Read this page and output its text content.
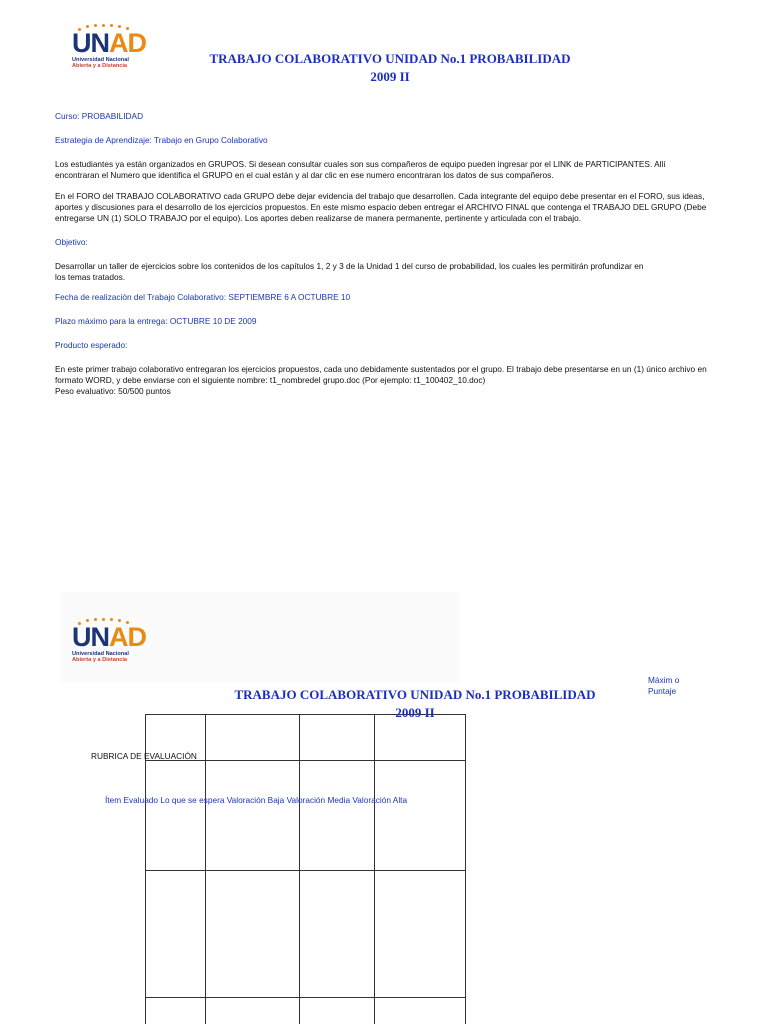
UNAD
Universidad Nacional
Abierta y a Distancia	TRABAJO COLABORATIVO UNIDAD No.1 PROBABILIDAD
2009 II

Curso: PROBABILIDAD

Estrategia de Aprendizaje: Trabajo en Grupo Colaborativo

Los estudiantes ya están organizados en GRUPOS. Si desean consultar cuales son sus compañeros de equipo pueden ingresar por el LINK de PARTICIPANTES. Allí encontraran el Numero que identifica el GRUPO en el cual están y al dar clic en ese numero encontraran los datos de sus compañeros.

En el FORO del TRABAJO COLABORATIVO cada GRUPO debe dejar evidencia del trabajo que desarrollen. Cada integrante del equipo debe presentar en el FORO, sus ideas, aportes y discusiones para el desarrollo de los ejercicios propuestos. En este mismo espacio deben entregar el ARCHIVO FINAL que contenga el TRABAJO DEL GRUPO (Debe entregarse UN (1) SOLO TRABAJO por el equipo). Los aportes deben realizarse de manera permanente, pertinente y articulada con el trabajo.

Objetivo:

Desarrollar un taller de ejercicios sobre los contenidos de los capítulos 1, 2 y 3 de la Unidad 1 del curso de probabilidad, los cuales les permitirán profundizar en los temas tratados.

Fecha de realización del Trabajo Colaborativo: SEPTIEMBRE 6 A OCTUBRE 10

Plazo máximo para la entrega: OCTUBRE 10 DE 2009

Producto esperado:

En este primer trabajo colaborativo entregaran los ejercicios propuestos, cada uno debidamente sustentados por el grupo. El trabajo debe presentarse en un (1) único archivo en formato WORD, y debe enviarse con el siguiente nombre: t1_nombredel grupo.doc (Por ejemplo: t1_100402_10.doc)

Peso evaluativo: 50/500 puntos

UNAD
Universidad Nacional
Abierta y a Distancia
TRABAJO COLABORATIVO UNIDAD No.1 PROBABILIDAD
2009 II
Máxim o Puntaje
RUBRICA DE EVALUACIÓN
Ítem Evaluado Lo que se espera Valoración Baja Valoración Media Valoración Alta
